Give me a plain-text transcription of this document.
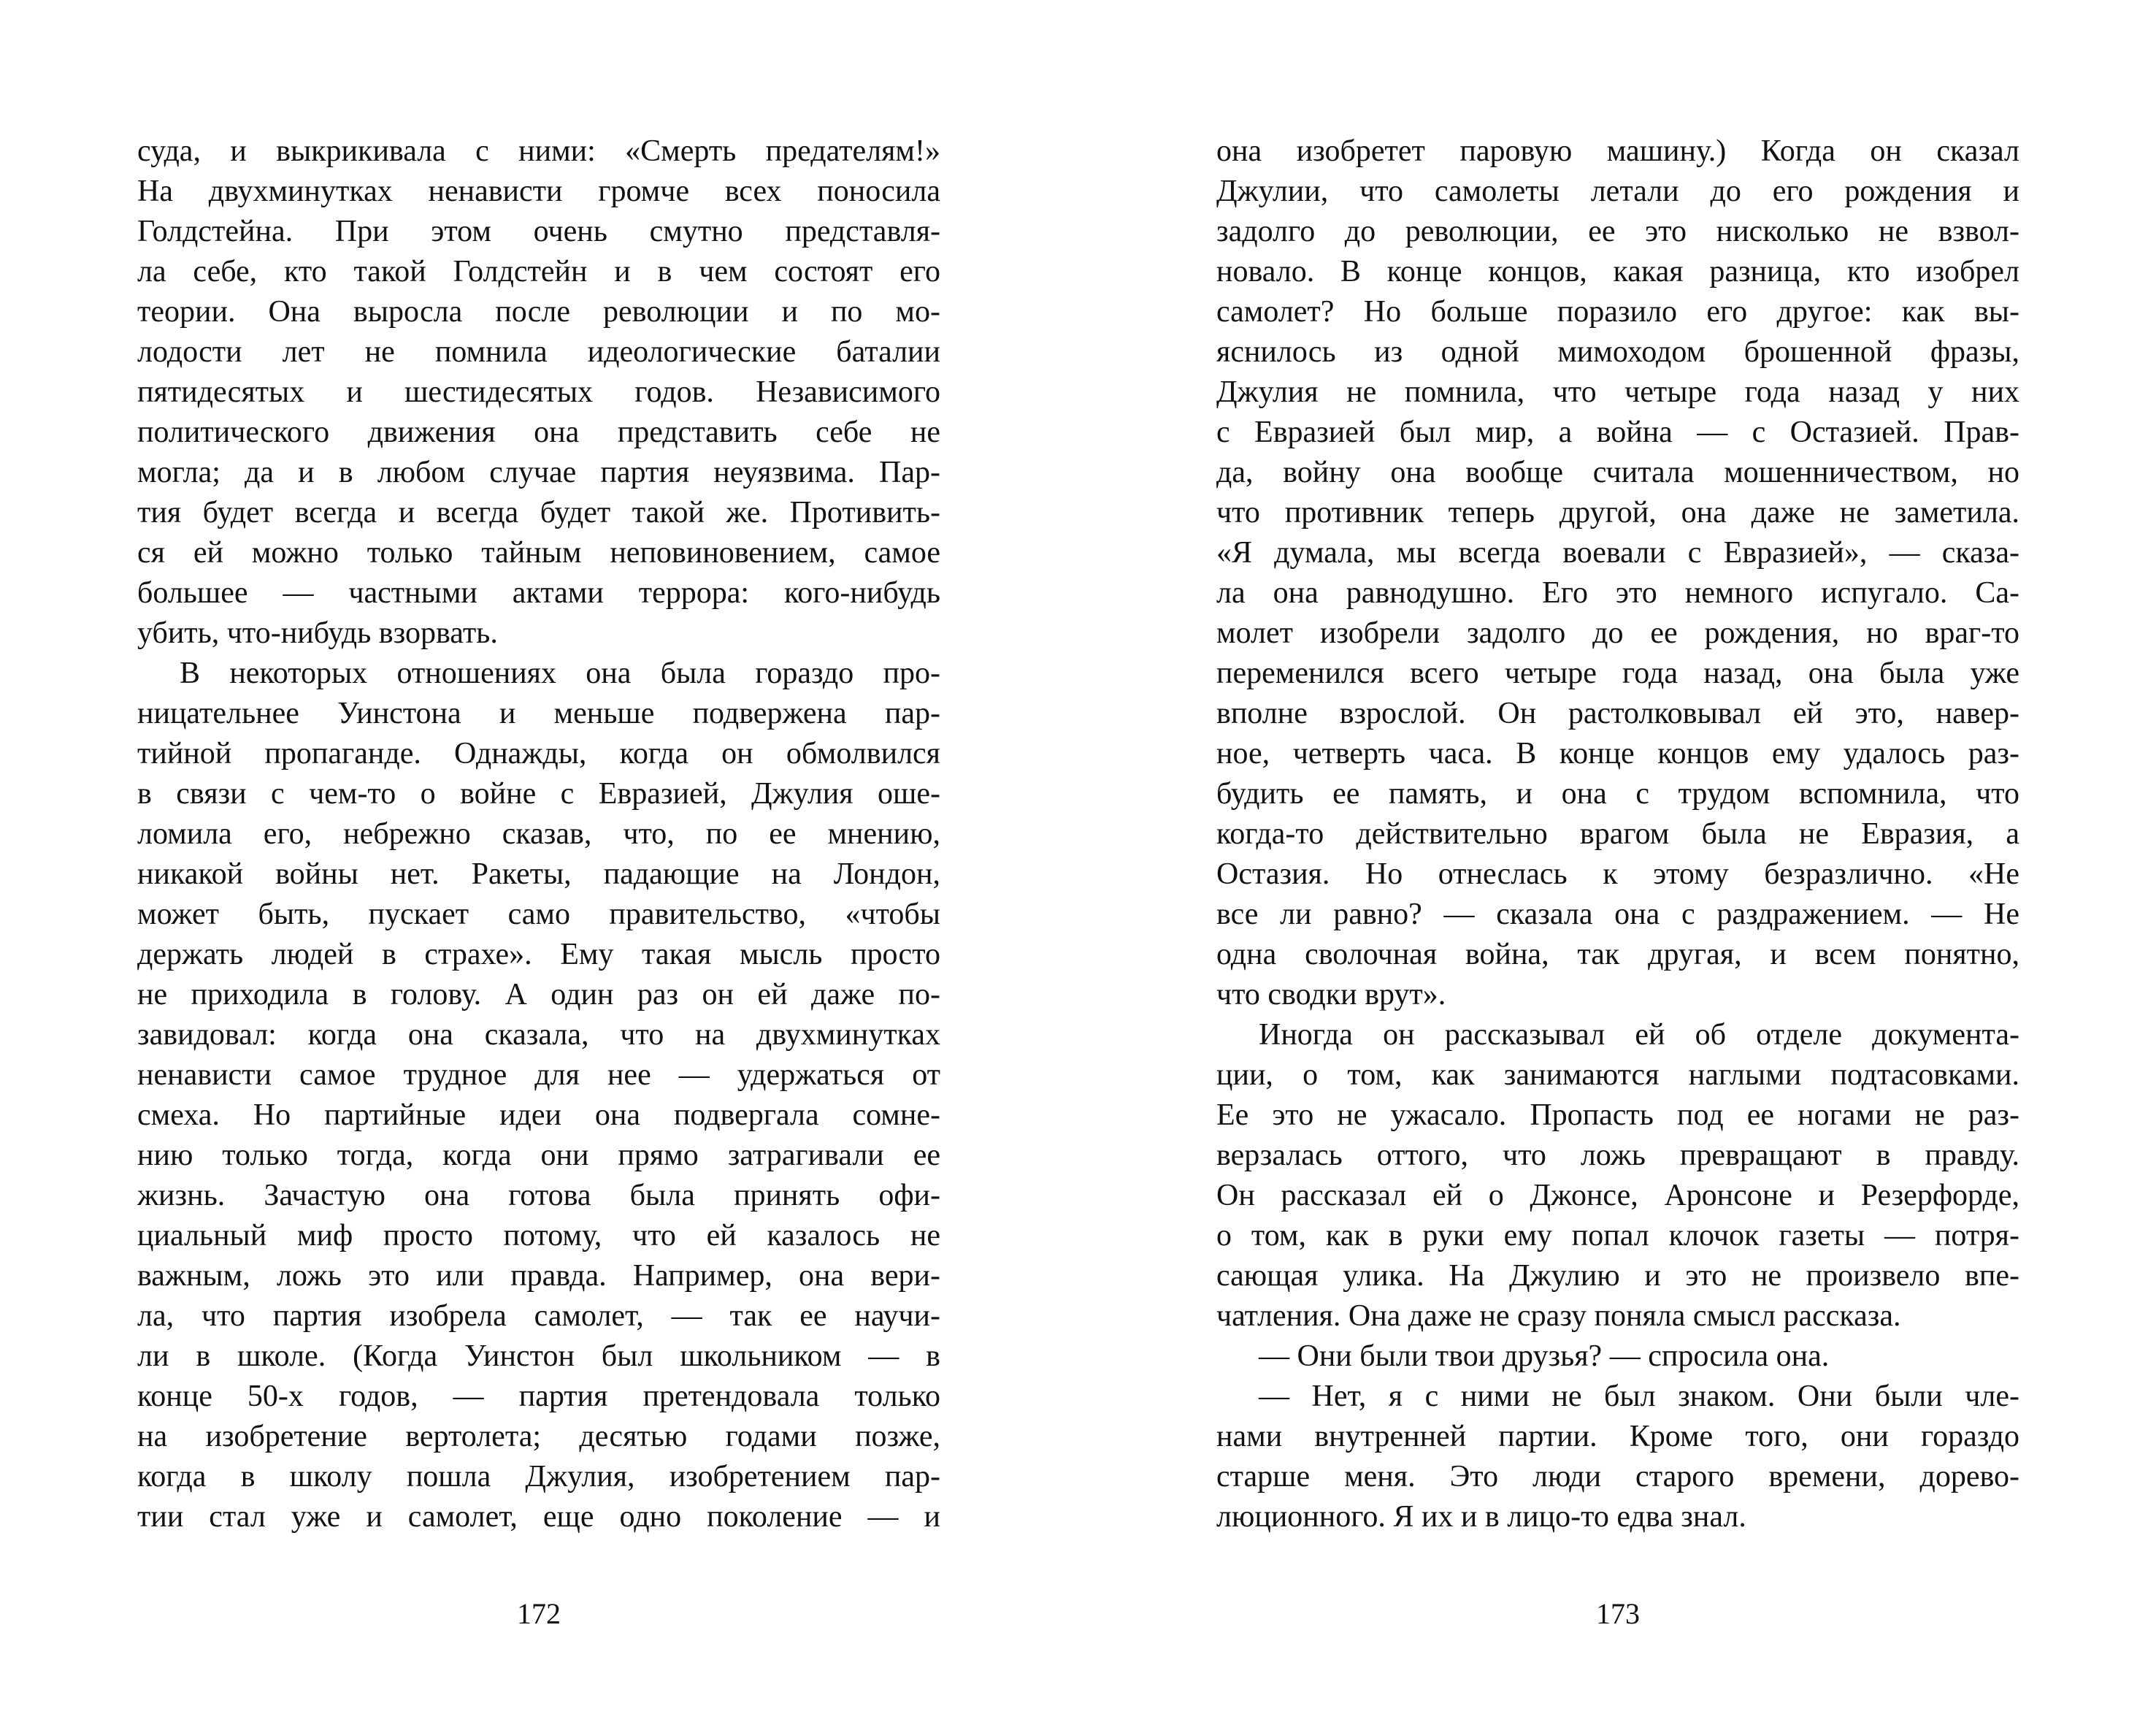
суда, и выкрикивала с ними: «Смерть предателям!»
На двухминутках ненависти громче всех поносила
Голдстейна. При этом очень смутно представля-
ла себе, кто такой Голдстейн и в чем состоят его
теории. Она выросла после революции и по мо-
лодости лет не помнила идеологические баталии
пятидесятых и шестидесятых годов. Независимого
политического движения она представить себе не
могла; да и в любом случае партия неуязвима. Пар-
тия будет всегда и всегда будет такой же. Противить-
ся ей можно только тайным неповиновением, самое
большее — частными актами террора: кого-нибудь
убить, что-нибудь взорвать.
В некоторых отношениях она была гораздо про-
ницательнее Уинстона и меньше подвержена пар-
тийной пропаганде. Однажды, когда он обмолвился
в связи с чем-то о войне с Евразией, Джулия оше-
ломила его, небрежно сказав, что, по ее мнению,
никакой войны нет. Ракеты, падающие на Лондон,
может быть, пускает само правительство, «чтобы
держать людей в страхе». Ему такая мысль просто
не приходила в голову. А один раз он ей даже по-
завидовал: когда она сказала, что на двухминутках
ненависти самое трудное для нее — удержаться от
смеха. Но партийные идеи она подвергала сомне-
нию только тогда, когда они прямо затрагивали ее
жизнь. Зачастую она готова была принять офи-
циальный миф просто потому, что ей казалось не
важным, ложь это или правда. Например, она вери-
ла, что партия изобрела самолет, — так ее научи-
ли в школе. (Когда Уинстон был школьником — в
конце 50-х годов, — партия претендовала только
на изобретение вертолета; десятью годами позже,
когда в школу пошла Джулия, изобретением пар-
тии стал уже и самолет, еще одно поколение — и
172
она изобретет паровую машину.) Когда он сказал
Джулии, что самолеты летали до его рождения и
задолго до революции, ее это нисколько не взвол-
новало. В конце концов, какая разница, кто изобрел
самолет? Но больше поразило его другое: как вы-
яснилось из одной мимоходом брошенной фразы,
Джулия не помнила, что четыре года назад у них
с Евразией был мир, а война — с Остазией. Прав-
да, войну она вообще считала мошенничеством, но
что противник теперь другой, она даже не заметила.
«Я думала, мы всегда воевали с Евразией», — сказа-
ла она равнодушно. Его это немного испугало. Са-
молет изобрели задолго до ее рождения, но враг-то
переменился всего четыре года назад, она была уже
вполне взрослой. Он растолковывал ей это, навер-
ное, четверть часа. В конце концов ему удалось раз-
будить ее память, и она с трудом вспомнила, что
когда-то действительно врагом была не Евразия, а
Остазия. Но отнеслась к этому безразлично. «Не
все ли равно? — сказала она с раздражением. — Не
одна сволочная война, так другая, и всем понятно,
что сводки врут».
Иногда он рассказывал ей об отделе документа-
ции, о том, как занимаются наглыми подтасовками.
Ее это не ужасало. Пропасть под ее ногами не раз-
верзалась оттого, что ложь превращают в правду.
Он рассказал ей о Джонсе, Аронсоне и Резерфорде,
о том, как в руки ему попал клочок газеты — потря-
сающая улика. На Джулию и это не произвело впе-
чатления. Она даже не сразу поняла смысл рассказа.
— Они были твои друзья? — спросила она.
— Нет, я с ними не был знаком. Они были чле-
нами внутренней партии. Кроме того, они гораздо
старше меня. Это люди старого времени, дорево-
люционного. Я их и в лицо-то едва знал.
173
